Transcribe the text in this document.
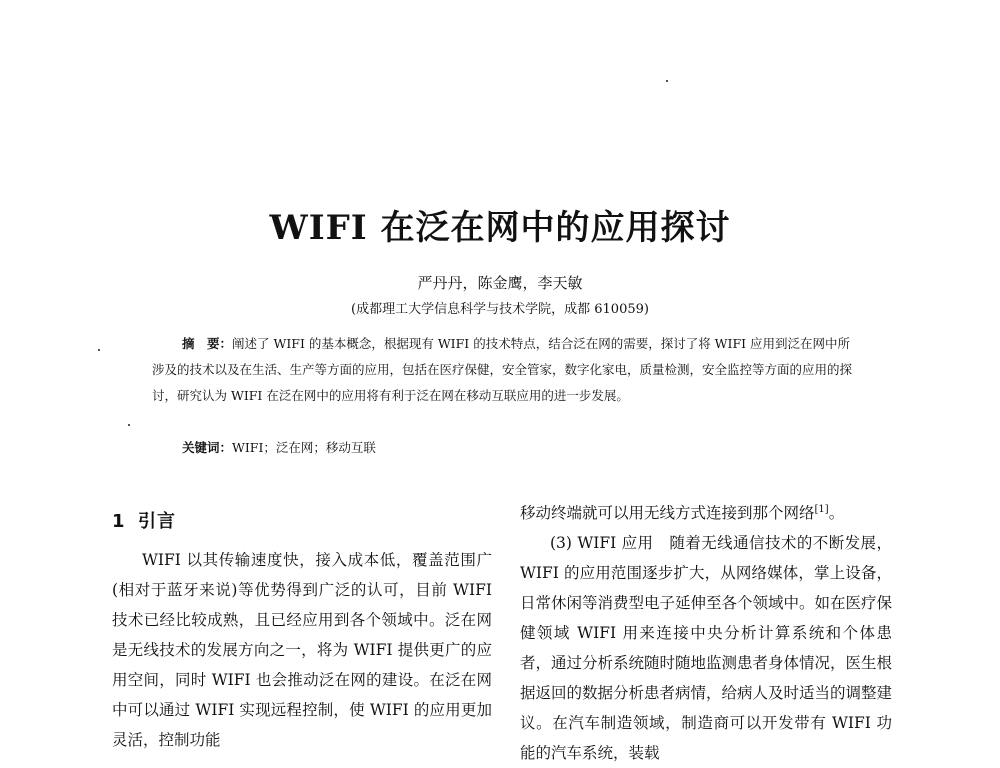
WIFI 在泛在网中的应用探讨
严丹丹，陈金鹰，李天敏
(成都理工大学信息科学与技术学院，成都 610059)
摘　要：阐述了 WIFI 的基本概念，根据现有 WIFI 的技术特点，结合泛在网的需要，探讨了将 WIFI 应用到泛在网中所涉及的技术以及在生活、生产等方面的应用，包括在医疗保健，安全管家，数字化家电，质量检测，安全监控等方面的应用的探讨，研究认为 WIFI 在泛在网中的应用将有利于泛在网在移动互联应用的进一步发展。
关键词：WIFI；泛在网；移动互联
1 引言

WIFI 以其传输速度快，接入成本低，覆盖范围广(相对于蓝牙来说)等优势得到广泛的认可，目前 WIFI 技术已经比较成熟，且已经应用到各个领域中。泛在网是无线技术的发展方向之一，将为 WIFI 提供更广的应用空间，同时 WIFI 也会推动泛在网的建设。在泛在网中可以通过 WIFI 实现远程控制，使 WIFI 的应用更加灵活，控制功能

移动终端就可以用无线方式连接到那个网络[1]。

(3) WIFI 应用　随着无线通信技术的不断发展，WIFI 的应用范围逐步扩大，从网络媒体，掌上设备，日常休闲等消费型电子延伸至各个领域中。如在医疗保健领域 WIFI 用来连接中央分析计算系统和个体患者，通过分析系统随时随地监测患者身体情况，医生根据返回的数据分析患者病情，给病人及时适当的调整建议。在汽车制造领域，制造商可以开发带有 WIFI 功能的汽车系统，装载
